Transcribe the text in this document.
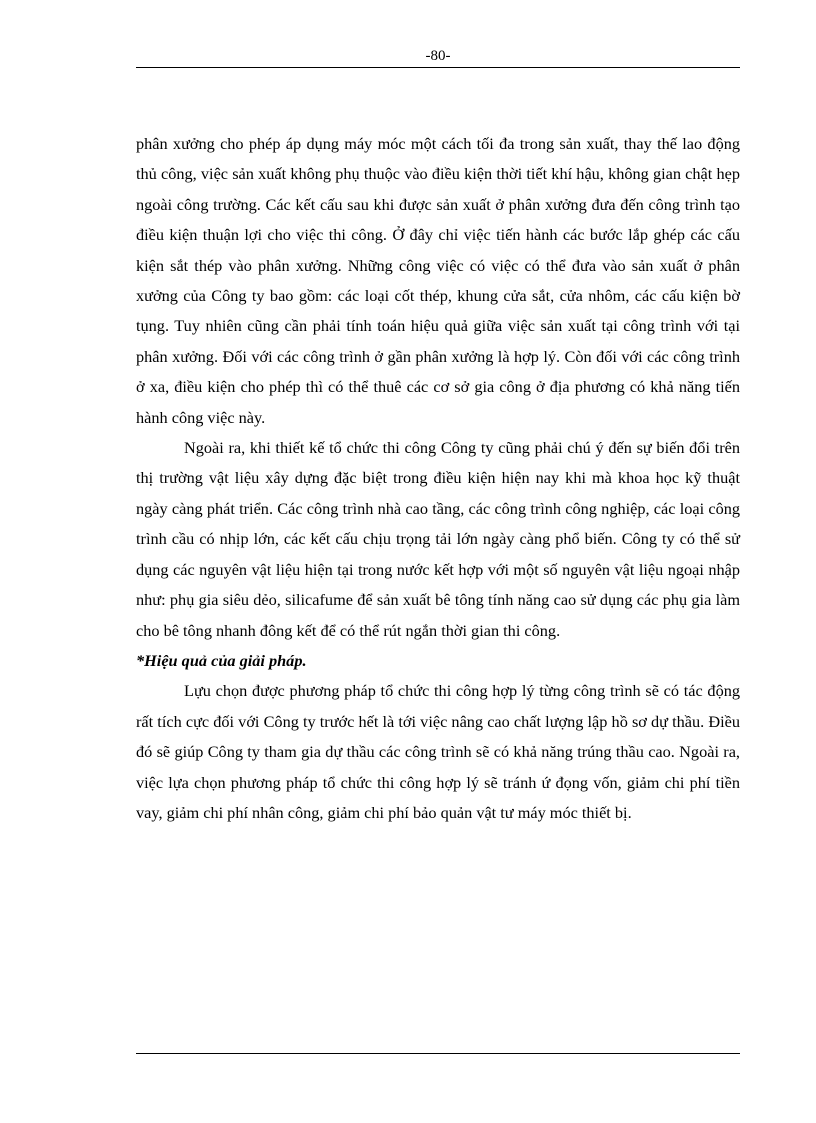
-80-

phân xưởng cho phép áp dụng máy móc một cách tối đa trong sản xuất, thay thế lao động thủ công, việc sản xuất không phụ thuộc vào điều kiện thời tiết khí hậu, không gian chật hẹp ngoài công trường. Các kết cấu sau khi được sản xuất ở phân xưởng đưa đến công trình tạo điều kiện thuận lợi cho việc thi công. Ở đây chỉ việc tiến hành các bước lắp ghép các cấu kiện sắt thép vào phân xưởng. Những công việc có việc có thể đưa vào sản xuất ở phân xưởng của Công ty bao gồm: các loại cốt thép, khung cửa sắt, cửa nhôm, các cấu kiện bờ tụng. Tuy nhiên cũng cần phải tính toán hiệu quả giữa việc sản xuất tại công trình với tại phân xưởng. Đối với các công trình ở gần phân xưởng là hợp lý. Còn đối với các công trình ở xa, điều kiện cho phép thì có thể thuê các cơ sở gia công ở địa phương có khả năng tiến hành công việc này.

Ngoài ra, khi thiết kế tổ chức thi công Công ty cũng phải chú ý đến sự biến đổi trên thị trường vật liệu xây dựng đặc biệt trong điều kiện hiện nay khi mà khoa học kỹ thuật ngày càng phát triển. Các công trình nhà cao tầng, các công trình công nghiệp, các loại công trình cầu có nhịp lớn, các kết cấu chịu trọng tải lớn ngày càng phổ biến. Công ty có thể sử dụng các nguyên vật liệu hiện tại trong nước kết hợp với một số nguyên vật liệu ngoại nhập như: phụ gia siêu dẻo, silicafume để sản xuất bê tông tính năng cao sử dụng các phụ gia làm cho bê tông nhanh đông kết để có thể rút ngắn thời gian thi công.

*Hiệu quả của giải pháp.

Lựu chọn được phương pháp tổ chức thi công hợp lý từng công trình sẽ có tác động rất tích cực đối với Công ty trước hết là tới việc nâng cao chất lượng lập hồ sơ dự thầu. Điều đó sẽ giúp Công ty tham gia dự thầu các công trình sẽ có khả năng trúng thầu cao. Ngoài ra, việc lựa chọn phương pháp tổ chức thi công hợp lý sẽ tránh ứ đọng vốn, giảm chi phí tiền vay, giảm chi phí nhân công, giảm chi phí bảo quản vật tư máy móc thiết bị.
